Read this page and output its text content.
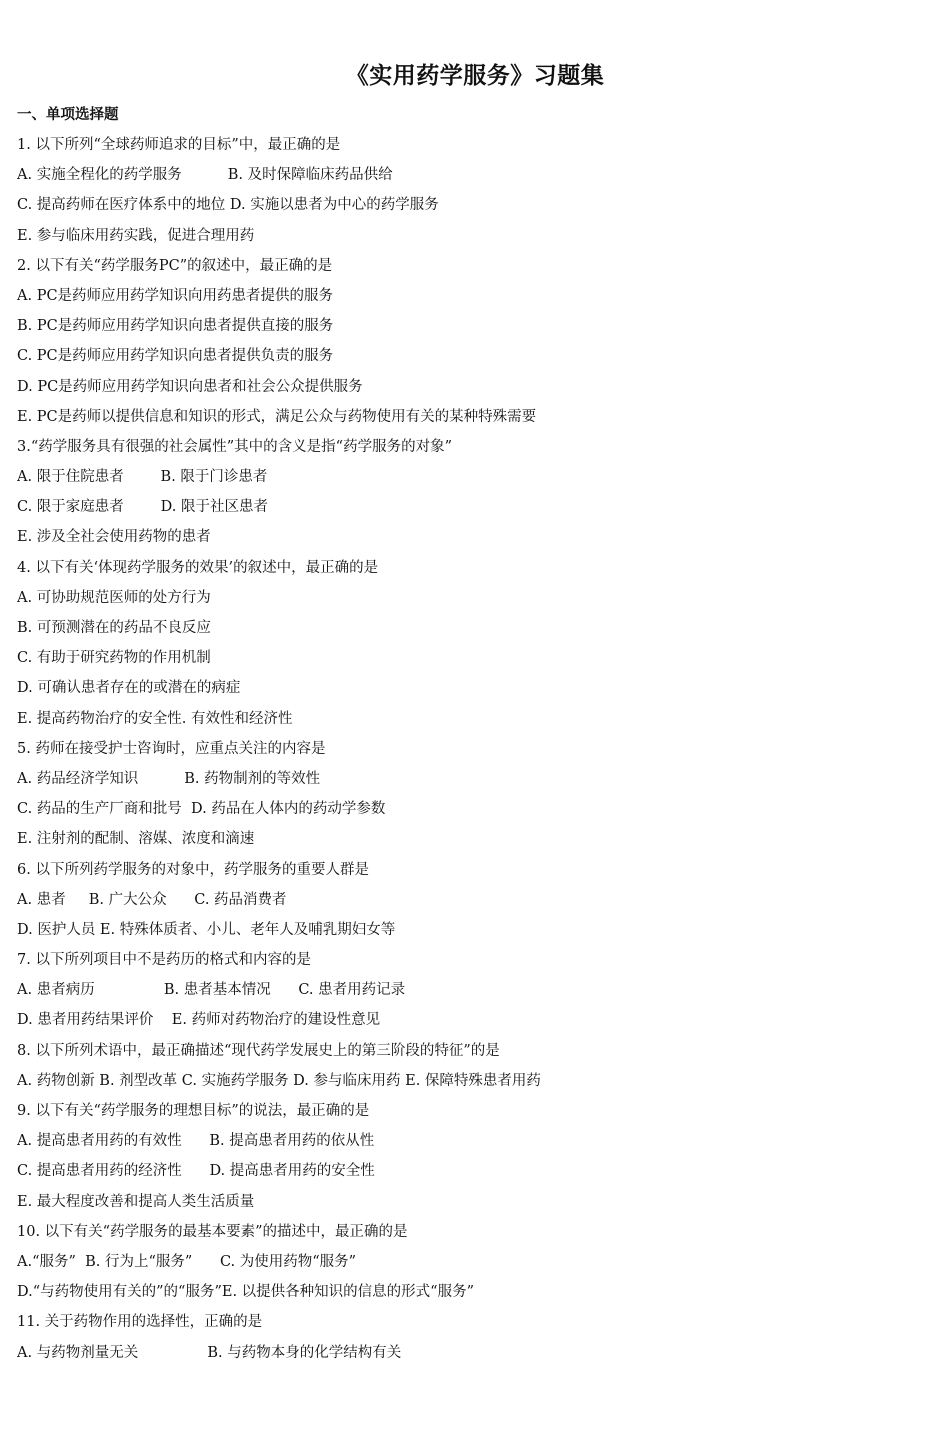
《实用药学服务》习题集
一、单项选择题
1. 以下所列“全球药师追求的目标”中，最正确的是
A. 实施全程化的药学服务          B. 及时保障临床药品供给
C. 提高药师在医疗体系中的地位 D. 实施以患者为中心的药学服务
E. 参与临床用药实践，促进合理用药
2. 以下有关“药学服务PC”的叙述中，最正确的是
A. PC是药师应用药学知识向用药患者提供的服务
B. PC是药师应用药学知识向患者提供直接的服务
C. PC是药师应用药学知识向患者提供负责的服务
D. PC是药师应用药学知识向患者和社会公众提供服务
E. PC是药师以提供信息和知识的形式，满足公众与药物使用有关的某种特殊需要
3.“药学服务具有很强的社会属性”其中的含义是指“药学服务的对象”
A. 限于住院患者        B. 限于门诊患者
C. 限于家庭患者        D. 限于社区患者
E. 涉及全社会使用药物的患者
4. 以下有关‘体现药学服务的效果’的叙述中，最正确的是
A. 可协助规范医师的处方行为
B. 可预测潜在的药品不良反应
C. 有助于研究药物的作用机制
D. 可确认患者存在的或潜在的病症
E. 提高药物治疗的安全性. 有效性和经济性
5. 药师在接受护士咨询时，应重点关注的内容是
A. 药品经济学知识          B. 药物制剂的等效性
C. 药品的生产厂商和批号  D. 药品在人体内的药动学参数
E. 注射剂的配制、溶媒、浓度和滴速
6. 以下所列药学服务的对象中，药学服务的重要人群是
A. 患者     B. 广大公众      C. 药品消费者
D. 医护人员 E. 特殊体质者、小儿、老年人及哺乳期妇女等
7. 以下所列项目中不是药历的格式和内容的是
A. 患者病历               B. 患者基本情况      C. 患者用药记录
D. 患者用药结果评价    E. 药师对药物治疗的建设性意见
8. 以下所列术语中，最正确描述“现代药学发展史上的第三阶段的特征”的是
A. 药物创新 B. 剂型改革 C. 实施药学服务 D. 参与临床用药 E. 保障特殊患者用药
9. 以下有关“药学服务的理想目标”的说法，最正确的是
A. 提高患者用药的有效性      B. 提高患者用药的依从性
C. 提高患者用药的经济性      D. 提高患者用药的安全性
E. 最大程度改善和提高人类生活质量
10. 以下有关“药学服务的最基本要素”的描述中，最正确的是
A.“服务”  B. 行为上“服务”      C. 为使用药物“服务”
D.“与药物使用有关的”的“服务”E. 以提供各种知识的信息的形式“服务”
11. 关于药物作用的选择性，正确的是
A. 与药物剂量无关               B. 与药物本身的化学结构有关
